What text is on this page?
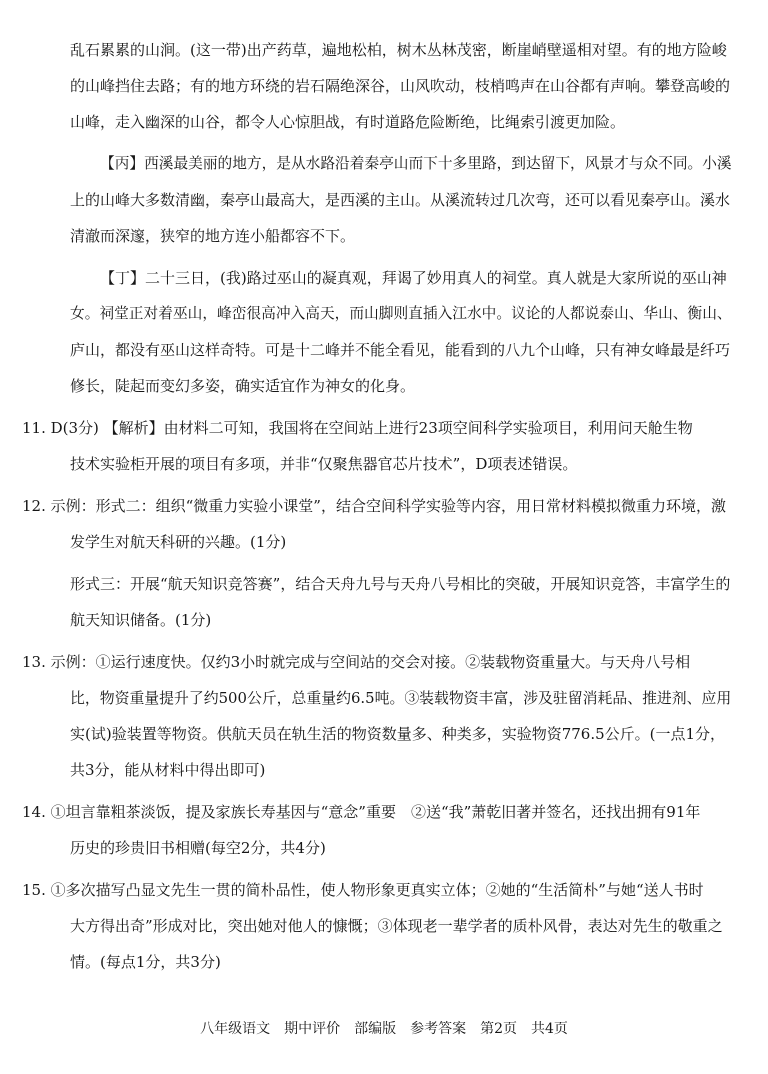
乱石累累的山涧。(这一带)出产药草，遍地松柏，树木丛林茂密，断崖峭壁遥相对望。有的地方险峻
的山峰挡住去路；有的地方环绕的岩石隔绝深谷，山风吹动，枝梢鸣声在山谷都有声响。攀登高峻的
山峰，走入幽深的山谷，都令人心惊胆战，有时道路危险断绝，比绳索引渡更加险。
【丙】西溪最美丽的地方，是从水路沿着秦亭山而下十多里路，到达留下，风景才与众不同。小溪
上的山峰大多数清幽，秦亭山最高大，是西溪的主山。从溪流转过几次弯，还可以看见秦亭山。溪水
清澈而深邃，狭窄的地方连小船都容不下。
【丁】二十三日，(我)路过巫山的凝真观，拜谒了妙用真人的祠堂。真人就是大家所说的巫山神
女。祠堂正对着巫山，峰峦很高冲入高天，而山脚则直插入江水中。议论的人都说泰山、华山、衡山、
庐山，都没有巫山这样奇特。可是十二峰并不能全看见，能看到的八九个山峰，只有神女峰最是纤巧
修长，陡起而变幻多姿，确实适宜作为神女的化身。
11. D(3分) 【解析】由材料二可知，我国将在空间站上进行23项空间科学实验项目，利用问天舱生物
技术实验柜开展的项目有多项，并非“仅聚焦器官芯片技术”，D项表述错误。
12. 示例：形式二：组织“微重力实验小课堂”，结合空间科学实验等内容，用日常材料模拟微重力环境，激
发学生对航天科研的兴趣。(1分)
形式三：开展“航天知识竞答赛”，结合天舟九号与天舟八号相比的突破，开展知识竞答，丰富学生的
航天知识储备。(1分)
13. 示例：①运行速度快。仅约3小时就完成与空间站的交会对接。②装载物资重量大。与天舟八号相
比，物资重量提升了约500公斤，总重量约6.5吨。③装载物资丰富，涉及驻留消耗品、推进剂、应用
实(试)验装置等物资。供航天员在轨生活的物资数量多、种类多，实验物资776.5公斤。(一点1分，
共3分，能从材料中得出即可)
14. ①坦言靠粗茶淡饭，提及家族长寿基因与“意念”重要　②送“我”萧乾旧著并签名，还找出拥有91年
历史的珍贵旧书相赠(每空2分，共4分)
15. ①多次描写凸显文先生一贯的简朴品性，使人物形象更真实立体；②她的“生活简朴”与她“送人书时
大方得出奇”形成对比，突出她对他人的慷慨；③体现老一辈学者的质朴风骨，表达对先生的敬重之
情。(每点1分，共3分)
八年级语文　期中评价　部编版　参考答案　第2页　共4页
